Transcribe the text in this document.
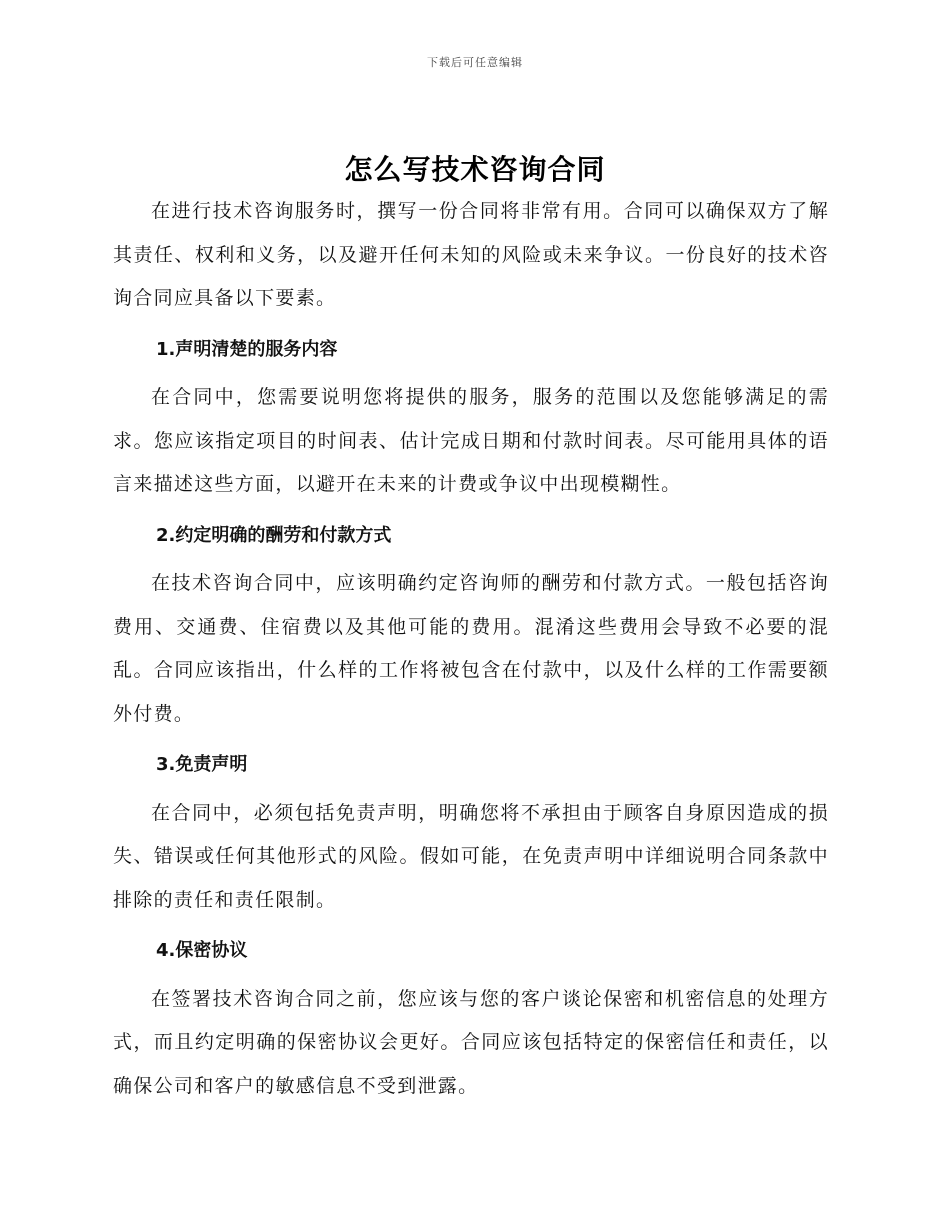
下载后可任意编辑
怎么写技术咨询合同

在进行技术咨询服务时，撰写一份合同将非常有用。合同可以确保双方了解其责任、权利和义务，以及避开任何未知的风险或未来争议。一份良好的技术咨询合同应具备以下要素。

1.声明清楚的服务内容

在合同中，您需要说明您将提供的服务，服务的范围以及您能够满足的需求。您应该指定项目的时间表、估计完成日期和付款时间表。尽可能用具体的语言来描述这些方面，以避开在未来的计费或争议中出现模糊性。

2.约定明确的酬劳和付款方式

在技术咨询合同中，应该明确约定咨询师的酬劳和付款方式。一般包括咨询费用、交通费、住宿费以及其他可能的费用。混淆这些费用会导致不必要的混乱。合同应该指出，什么样的工作将被包含在付款中，以及什么样的工作需要额外付费。

3.免责声明

在合同中，必须包括免责声明，明确您将不承担由于顾客自身原因造成的损失、错误或任何其他形式的风险。假如可能，在免责声明中详细说明合同条款中排除的责任和责任限制。

4.保密协议

在签署技术咨询合同之前，您应该与您的客户谈论保密和机密信息的处理方式，而且约定明确的保密协议会更好。合同应该包括特定的保密信任和责任，以确保公司和客户的敏感信息不受到泄露。
